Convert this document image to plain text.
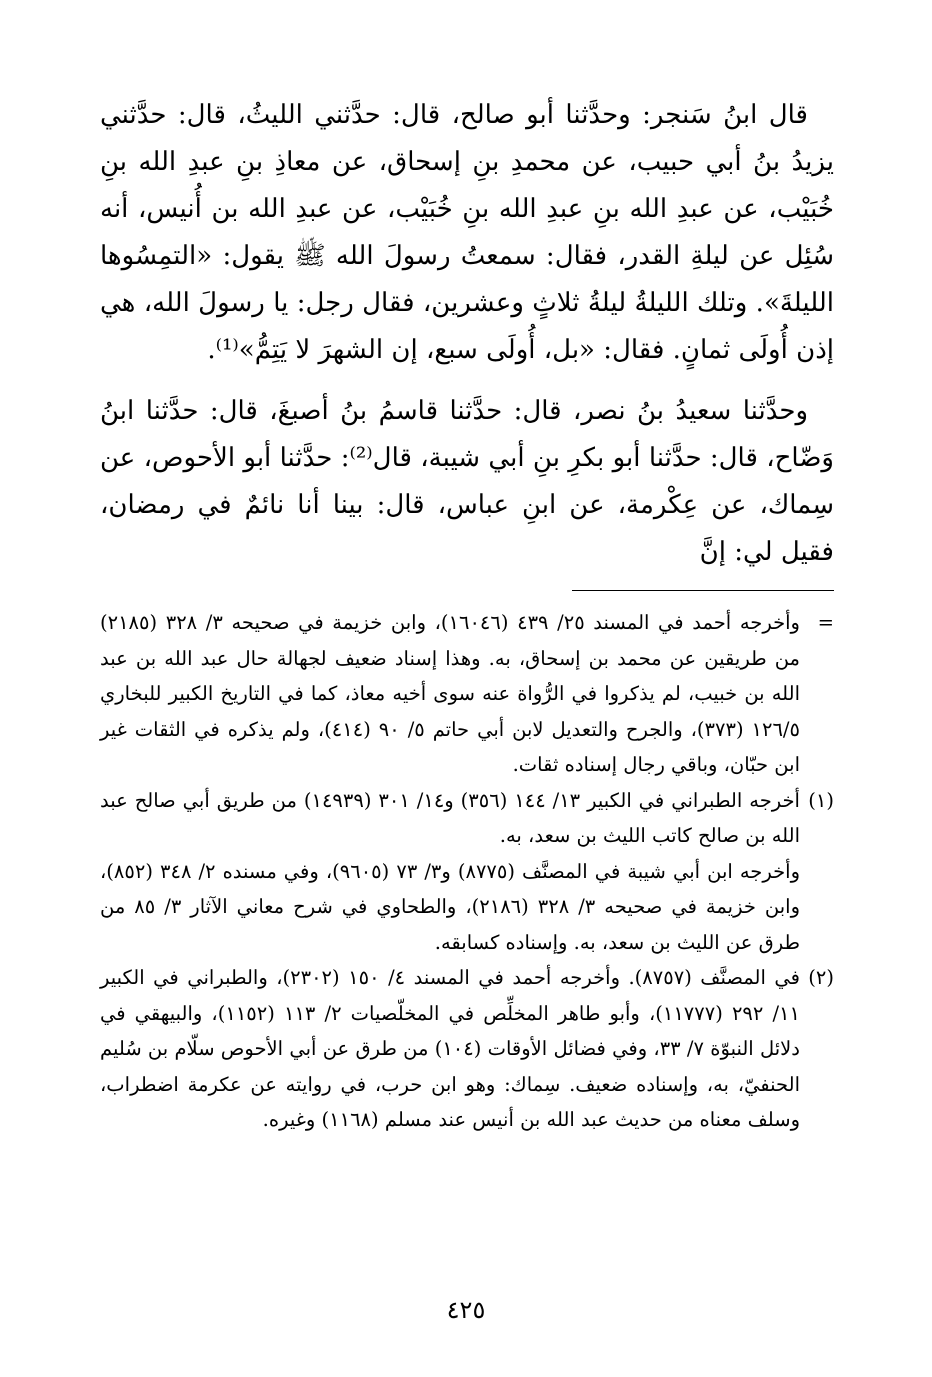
قال ابنُ سَنجر: وحدَّثنا أبو صالح، قال: حدَّثني الليثُ، قال: حدَّثني يزيدُ بنُ أبي حبيب، عن محمدِ بنِ إسحاق، عن معاذِ بنِ عبدِ الله بنِ خُبَيْب، عن عبدِ الله بنِ عبدِ الله بنِ خُبَيْب، عن عبدِ الله بن أُنيس، أنه سُئِل عن ليلةِ القدر، فقال: سمعتُ رسولَ الله ﷺ يقول: «التمِسُوها الليلةَ». وتلك الليلةُ ليلةُ ثلاثٍ وعشرين، فقال رجل: يا رسولَ الله، هي إذن أُولَى ثمانٍ. فقال: «بل، أُولَى سبع، إن الشهرَ لا يَتِمُّ»⁽¹⁾.

وحدَّثنا سعيدُ بنُ نصر، قال: حدَّثنا قاسمُ بنُ أصبغَ، قال: حدَّثنا ابنُ وَضّاح، قال: حدَّثنا أبو بكرِ بنِ أبي شيبة، قال⁽²⁾: حدَّثنا أبو الأحوص، عن سِماك، عن عِكْرمة، عن ابنِ عباس، قال: بينا أنا نائمٌ في رمضان، فقيل لي: إنَّ

=
وأخرجه أحمد في المسند ٢٥/ ٤٣٩ (١٦٠٤٦)، وابن خزيمة في صحيحه ٣/ ٣٢٨ (٢١٨٥) من طريقين عن محمد بن إسحاق، به. وهذا إسناد ضعيف لجهالة حال عبد الله بن عبد الله بن خبيب، لم يذكروا في الرُّواة عنه سوى أخيه معاذ، كما في التاريخ الكبير للبخاري ١٢٦/٥ (٣٧٣)، والجرح والتعديل لابن أبي حاتم ٥/ ٩٠ (٤١٤)، ولم يذكره في الثقات غير ابن حبّان، وباقي رجال إسناده ثقات.

(١)
أخرجه الطبراني في الكبير ١٣/ ١٤٤ (٣٥٦) و١٤/ ٣٠١ (١٤٩٣٩) من طريق أبي صالح عبد الله بن صالح كاتب الليث بن سعد، به.

وأخرجه ابن أبي شيبة في المصنَّف (٨٧٧٥) و٣/ ٧٣ (٩٦٠٥)، وفي مسنده ٢/ ٣٤٨ (٨٥٢)، وابن خزيمة في صحيحه ٣/ ٣٢٨ (٢١٨٦)، والطحاوي في شرح معاني الآثار ٣/ ٨٥ من طرق عن الليث بن سعد، به. وإسناده كسابقه.

(٢)
في المصنَّف (٨٧٥٧). وأخرجه أحمد في المسند ٤/ ١٥٠ (٢٣٠٢)، والطبراني في الكبير ١١/ ٢٩٢ (١١٧٧٧)، وأبو طاهر المخلِّص في المخلّصيات ٢/ ١١٣ (١١٥٢)، والبيهقي في دلائل النبوّة ٧/ ٣٣، وفي فضائل الأوقات (١٠٤) من طرق عن أبي الأحوص سلّام بن سُليم الحنفيّ، به، وإسناده ضعيف. سِماك: وهو ابن حرب، في روايته عن عكرمة اضطراب، وسلف معناه من حديث عبد الله بن أنيس عند مسلم (١١٦٨) وغيره.

٤٢٥
